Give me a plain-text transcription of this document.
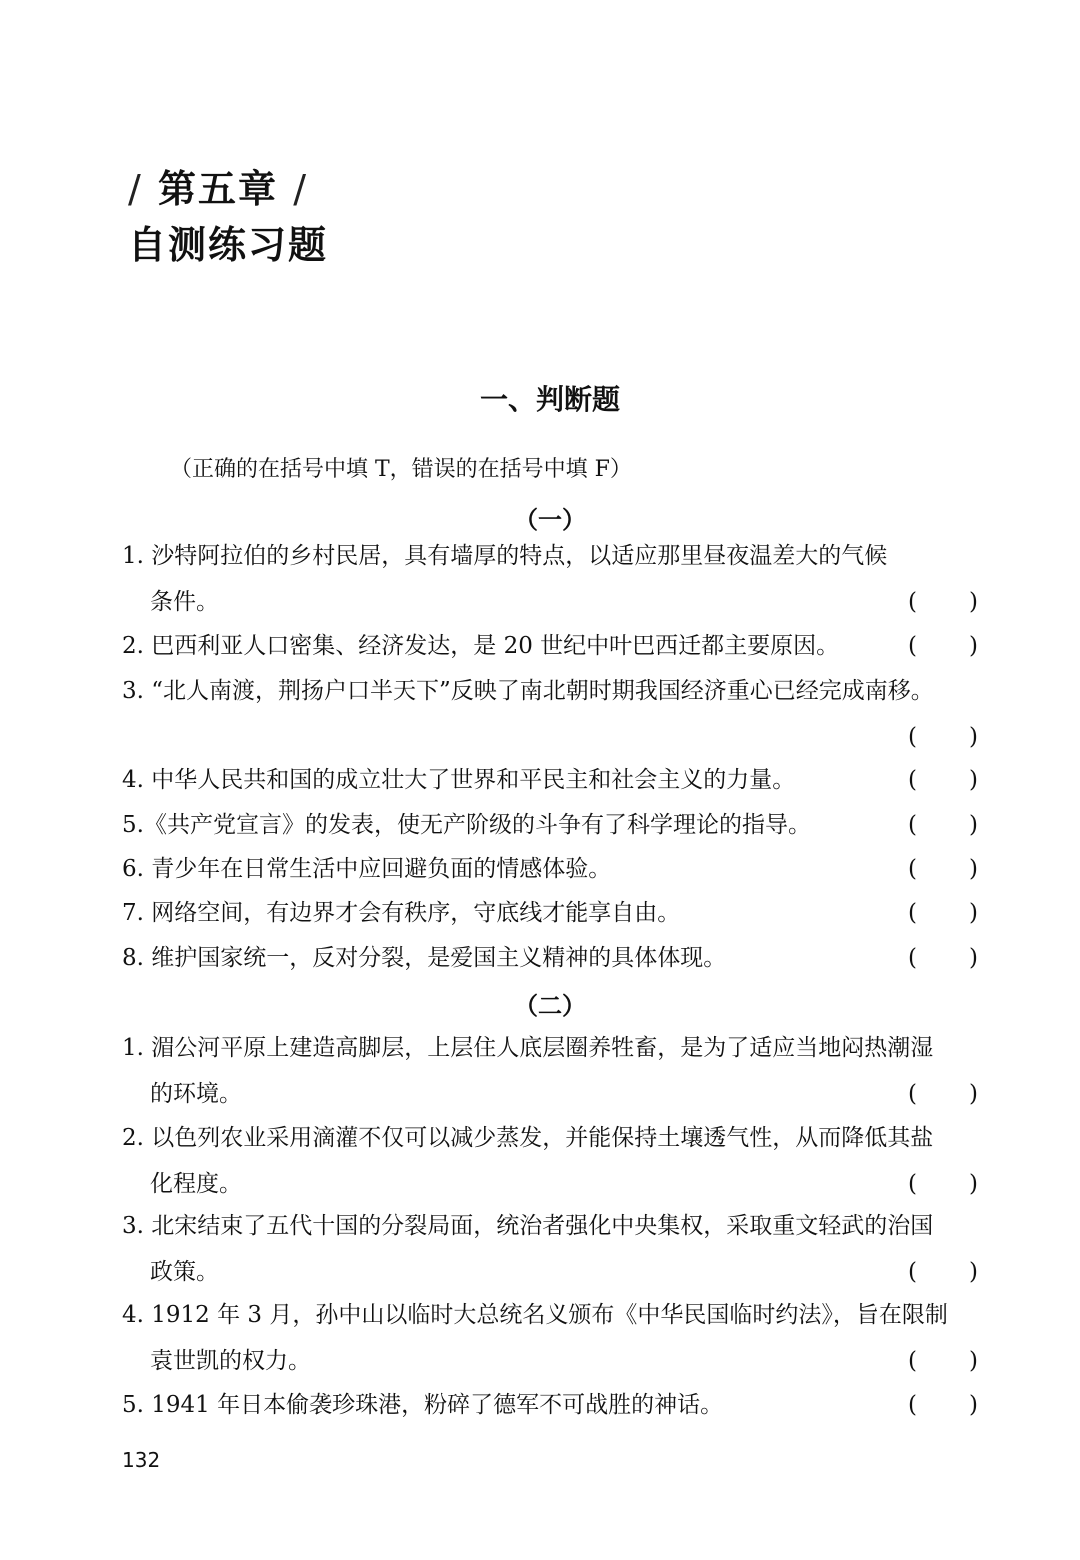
/ 第五章 /
自测练习题
一、判断题
（正确的在括号中填 T，错误的在括号中填 F）
（一）
1. 沙特阿拉伯的乡村民居，具有墙厚的特点，以适应那里昼夜温差大的气候
条件。	( )
2. 巴西利亚人口密集、经济发达，是 20 世纪中叶巴西迁都主要原因。	( )
3. “北人南渡，荆扬户口半天下”反映了南北朝时期我国经济重心已经完成南移。
( )
4. 中华人民共和国的成立壮大了世界和平民主和社会主义的力量。	( )
5.《共产党宣言》的发表，使无产阶级的斗争有了科学理论的指导。	( )
6. 青少年在日常生活中应回避负面的情感体验。	( )
7. 网络空间，有边界才会有秩序，守底线才能享自由。	( )
8. 维护国家统一，反对分裂，是爱国主义精神的具体体现。	( )
（二）
1. 湄公河平原上建造高脚层，上层住人底层圈养牲畜，是为了适应当地闷热潮湿
的环境。	( )
2. 以色列农业采用滴灌不仅可以减少蒸发，并能保持土壤透气性，从而降低其盐
化程度。	( )
3. 北宋结束了五代十国的分裂局面，统治者强化中央集权，采取重文轻武的治国
政策。	( )
4. 1912 年 3 月，孙中山以临时大总统名义颁布《中华民国临时约法》，旨在限制
袁世凯的权力。	( )
5. 1941 年日本偷袭珍珠港，粉碎了德军不可战胜的神话。	( )
132
